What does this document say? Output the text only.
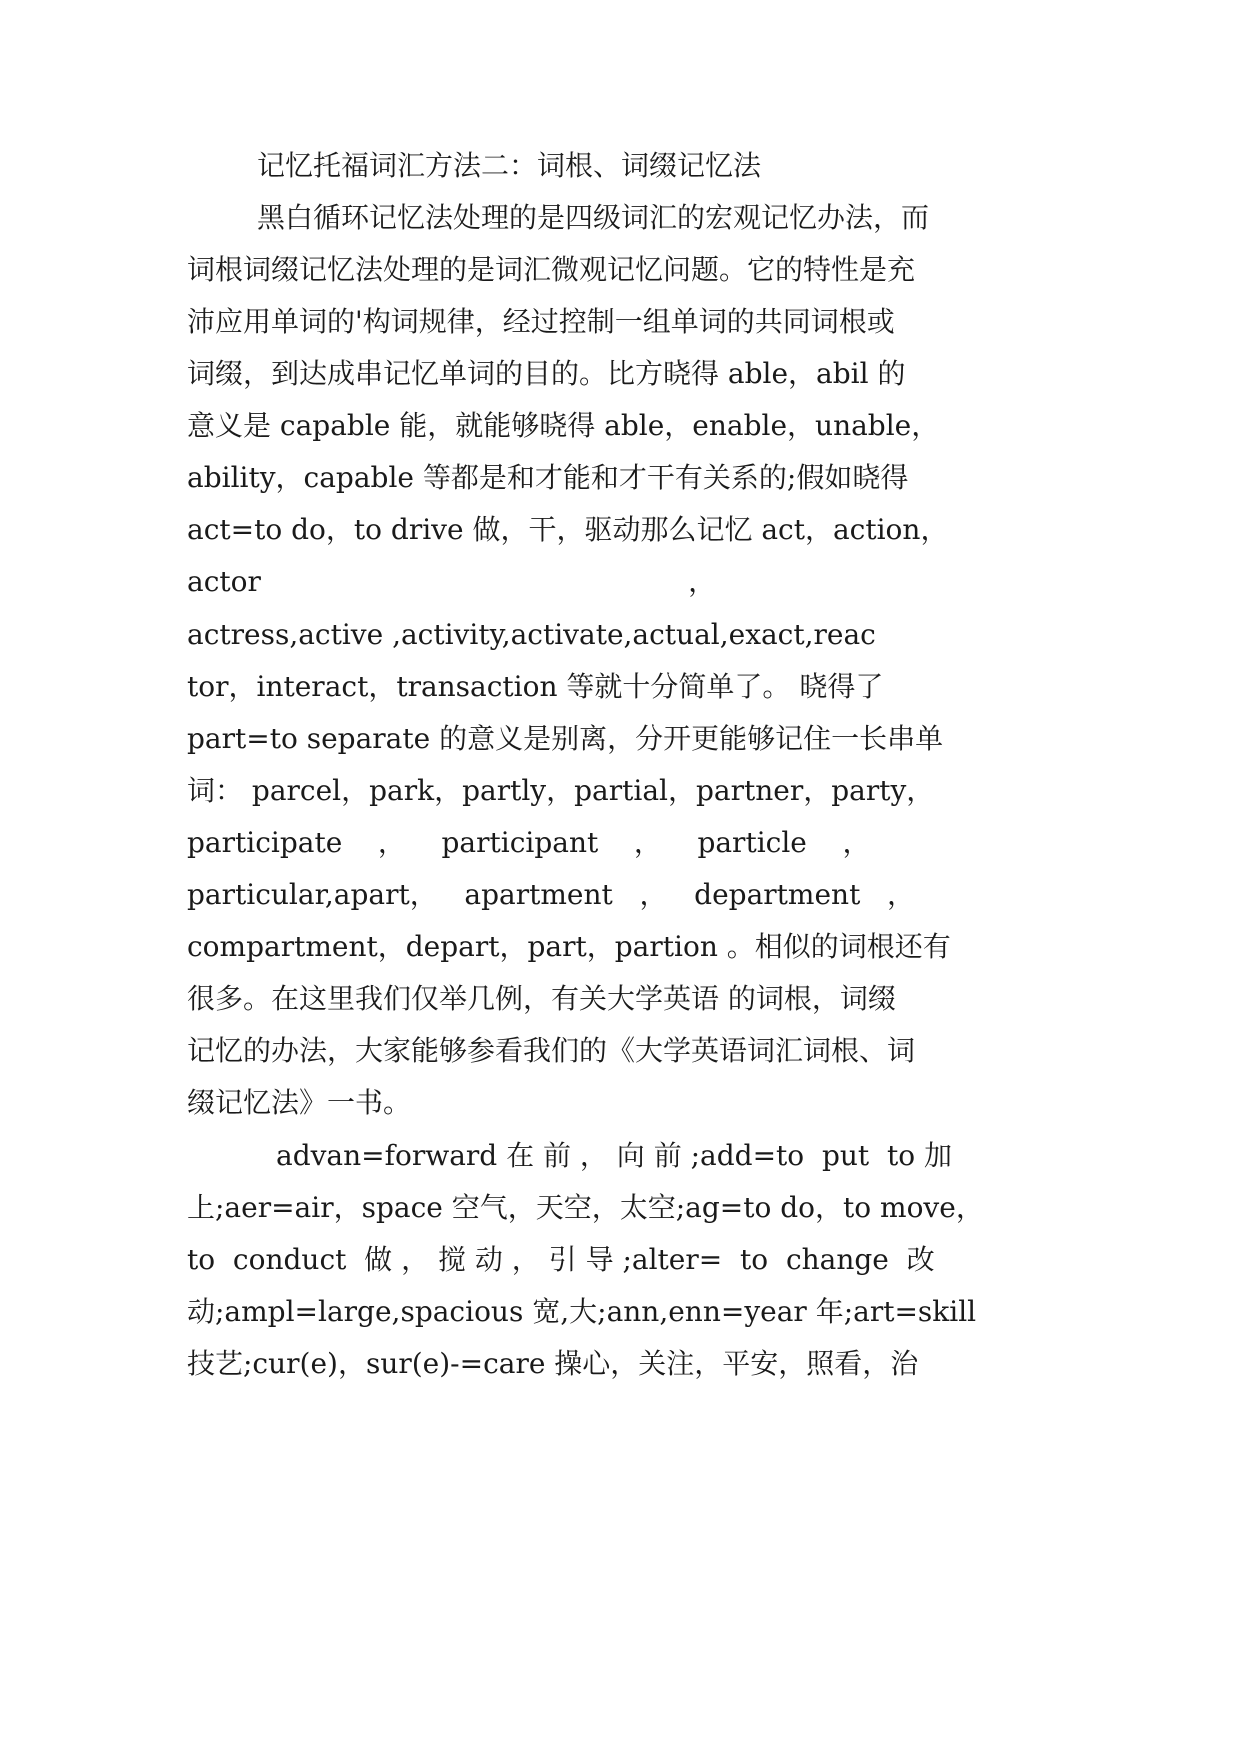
记忆托福词汇方法二：词根、词缀记忆法
黑白循环记忆法处理的是四级词汇的宏观记忆办法，而
词根词缀记忆法处理的是词汇微观记忆问题。它的特性是充
沛应用单词的'构词规律，经过控制一组单词的共同词根或
词缀，到达成串记忆单词的目的。比方晓得 able，abil 的
意义是 capable 能，就能够晓得 able，enable，unable，
ability，capable 等都是和才能和才干有关系的;假如晓得
act=to do，to drive 做，干，驱动那么记忆 act，action，
actor                                                ，
actress,active ,activity,activate,actual,exact,reac
tor，interact，transaction 等就十分简单了。 晓得了
part=to separate 的意义是别离，分开更能够记住一长串单
词： parcel，park，partly，partial，partner，party，
participate    ，    participant    ，    particle    ，
particular,apart，   apartment   ，   department   ，
compartment，depart，part，partion 。相似的词根还有
很多。在这里我们仅举几例，有关大学英语 的词根，词缀
记忆的办法，大家能够参看我们的《大学英语词汇词根、词
缀记忆法》一书。
advan=forward 在 前 ， 向 前 ;add=to  put  to 加
上;aer=air，space 空气，天空，太空;ag=to do，to move，
to  conduct  做 ， 搅 动 ， 引 导 ;alter=  to  change  改
动;ampl=large,spacious 宽,大;ann,enn=year 年;art=skill
技艺;cur(e)，sur(e)-=care 操心，关注，平安，照看，治
